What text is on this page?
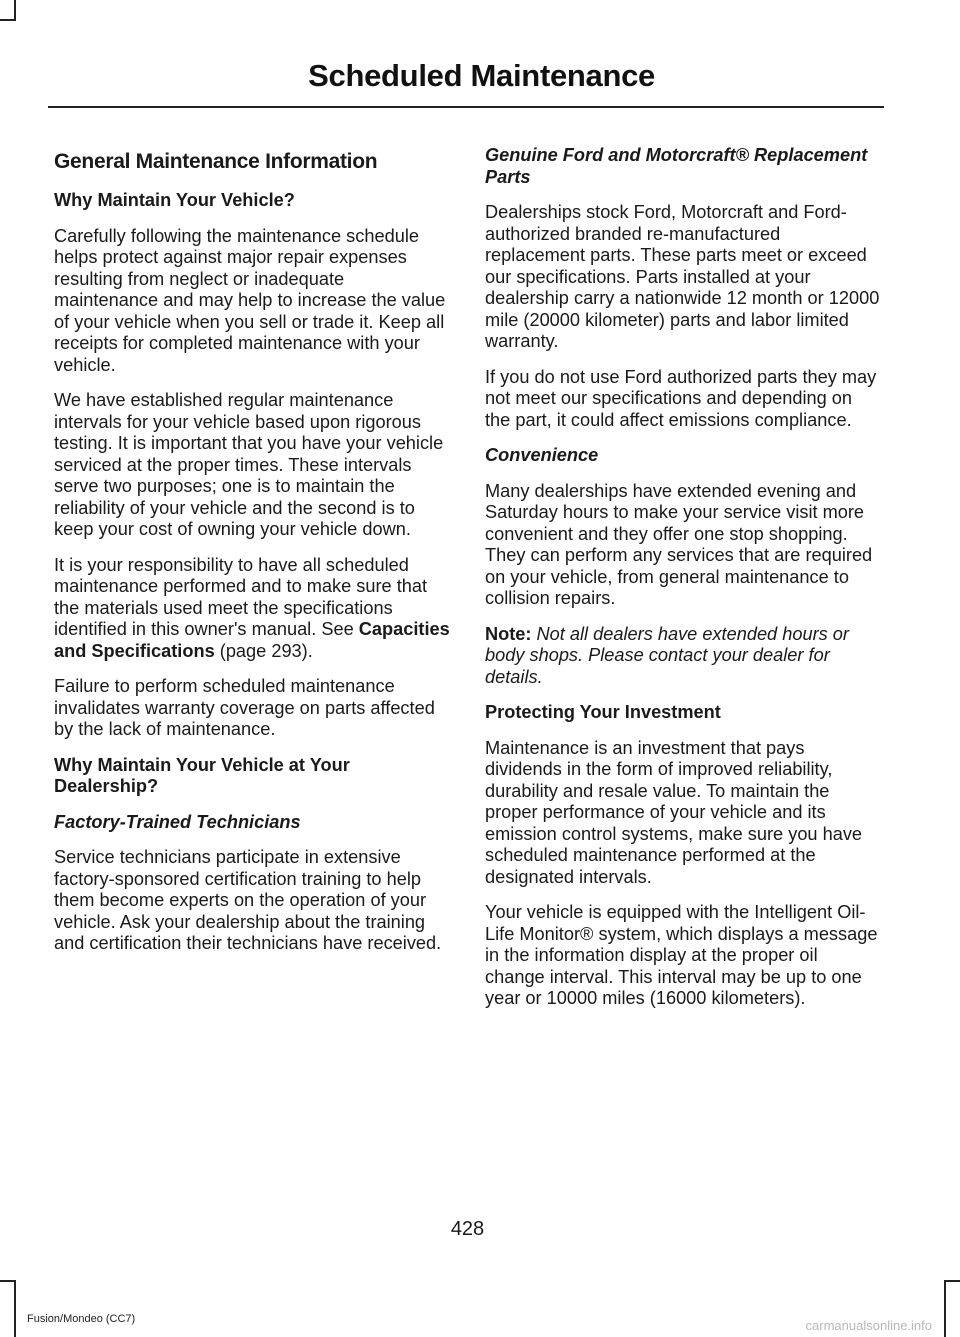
Scheduled Maintenance
General Maintenance Information
Why Maintain Your Vehicle?

Carefully following the maintenance schedule helps protect against major repair expenses resulting from neglect or inadequate maintenance and may help to increase the value of your vehicle when you sell or trade it. Keep all receipts for completed maintenance with your vehicle.

We have established regular maintenance intervals for your vehicle based upon rigorous testing. It is important that you have your vehicle serviced at the proper times. These intervals serve two purposes; one is to maintain the reliability of your vehicle and the second is to keep your cost of owning your vehicle down.

It is your responsibility to have all scheduled maintenance performed and to make sure that the materials used meet the specifications identified in this owner's manual. See Capacities and Specifications (page 293).

Failure to perform scheduled maintenance invalidates warranty coverage on parts affected by the lack of maintenance.

Why Maintain Your Vehicle at Your Dealership?
Factory-Trained Technicians

Service technicians participate in extensive factory-sponsored certification training to help them become experts on the operation of your vehicle. Ask your dealership about the training and certification their technicians have received.

Genuine Ford and Motorcraft® Replacement Parts

Dealerships stock Ford, Motorcraft and Ford-authorized branded re-manufactured replacement parts. These parts meet or exceed our specifications. Parts installed at your dealership carry a nationwide 12 month or 12000 mile (20000 kilometer) parts and labor limited warranty.

If you do not use Ford authorized parts they may not meet our specifications and depending on the part, it could affect emissions compliance.

Convenience

Many dealerships have extended evening and Saturday hours to make your service visit more convenient and they offer one stop shopping. They can perform any services that are required on your vehicle, from general maintenance to collision repairs.

Note: Not all dealers have extended hours or body shops. Please contact your dealer for details.

Protecting Your Investment

Maintenance is an investment that pays dividends in the form of improved reliability, durability and resale value. To maintain the proper performance of your vehicle and its emission control systems, make sure you have scheduled maintenance performed at the designated intervals.

Your vehicle is equipped with the Intelligent Oil-Life Monitor® system, which displays a message in the information display at the proper oil change interval. This interval may be up to one year or 10000 miles (16000 kilometers).

428
Fusion/Mondeo (CC7)	carmanualsonline.info
